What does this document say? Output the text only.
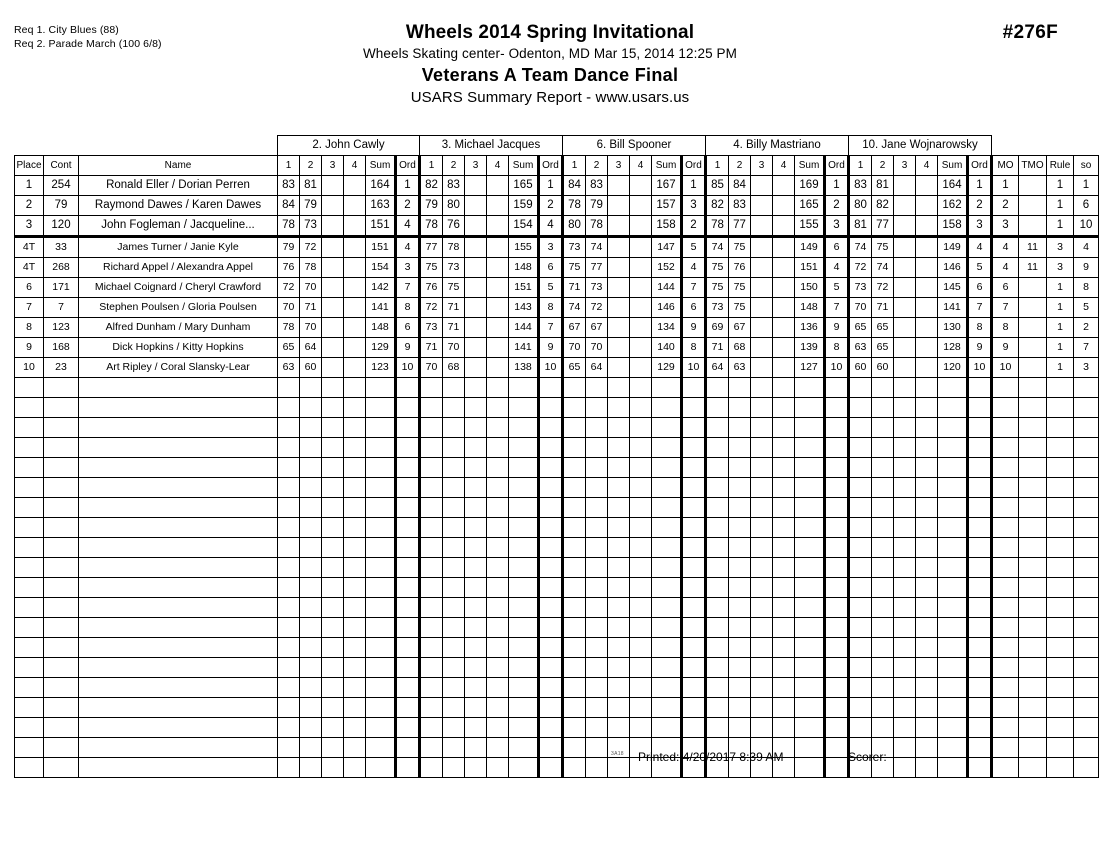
Req 1. City Blues (88)
Req 2. Parade March (100 6/8)
Wheels 2014 Spring Invitational
Wheels Skating center- Odenton, MD Mar 15, 2014 12:25 PM
Veterans A Team Dance Final
USARS Summary Report - www.usars.us
#276F
			2. John Cawly						3. Michael Jacques						6. Bill Spooner						4. Billy Mastriano						10. Jane Wojnarowsky									
Place	Cont	Name	1	2	3	4	Sum	Ord	1	2	3	4	Sum	Ord	1	2	3	4	Sum	Ord	1	2	3	4	Sum	Ord	1	2	3	4	Sum	Ord	MO	TMO	Rule	so
1	254	Ronald Eller / Dorian Perren	83	81			164	1	82	83			165	1	84	83			167	1	85	84			169	1	83	81			164	1	1		1	1
2	79	Raymond Dawes / Karen Dawes	84	79			163	2	79	80			159	2	78	79			157	3	82	83			165	2	80	82			162	2	2		1	6
3	120	John Fogleman / Jacqueline...	78	73			151	4	78	76			154	4	80	78			158	2	78	77			155	3	81	77			158	3	3		1	10
4T	33	James Turner / Janie Kyle	79	72			151	4	77	78			155	3	73	74			147	5	74	75			149	6	74	75			149	4	4	11	3	4
4T	268	Richard Appel / Alexandra Appel	76	78			154	3	75	73			148	6	75	77			152	4	75	76			151	4	72	74			146	5	4	11	3	9
6	171	Michael Coignard / Cheryl Crawford	72	70			142	7	76	75			151	5	71	73			144	7	75	75			150	5	73	72			145	6	6		1	8
7	7	Stephen Poulsen / Gloria Poulsen	70	71			141	8	72	71			143	8	74	72			146	6	73	75			148	7	70	71			141	7	7		1	5
8	123	Alfred Dunham / Mary Dunham	78	70			148	6	73	71			144	7	67	67			134	9	69	67			136	9	65	65			130	8	8		1	2
9	168	Dick Hopkins / Kitty Hopkins	65	64			129	9	71	70			141	9	70	70			140	8	71	68			139	8	63	65			128	9	9		1	7
10	23	Art Ripley / Coral Slansky-Lear	63	60			123	10	70	68			138	10	65	64			129	10	64	63			127	10	60	60			120	10	10		1	3

3A18 Printed: 4/20/2017 8:39 AM	Scorer:
